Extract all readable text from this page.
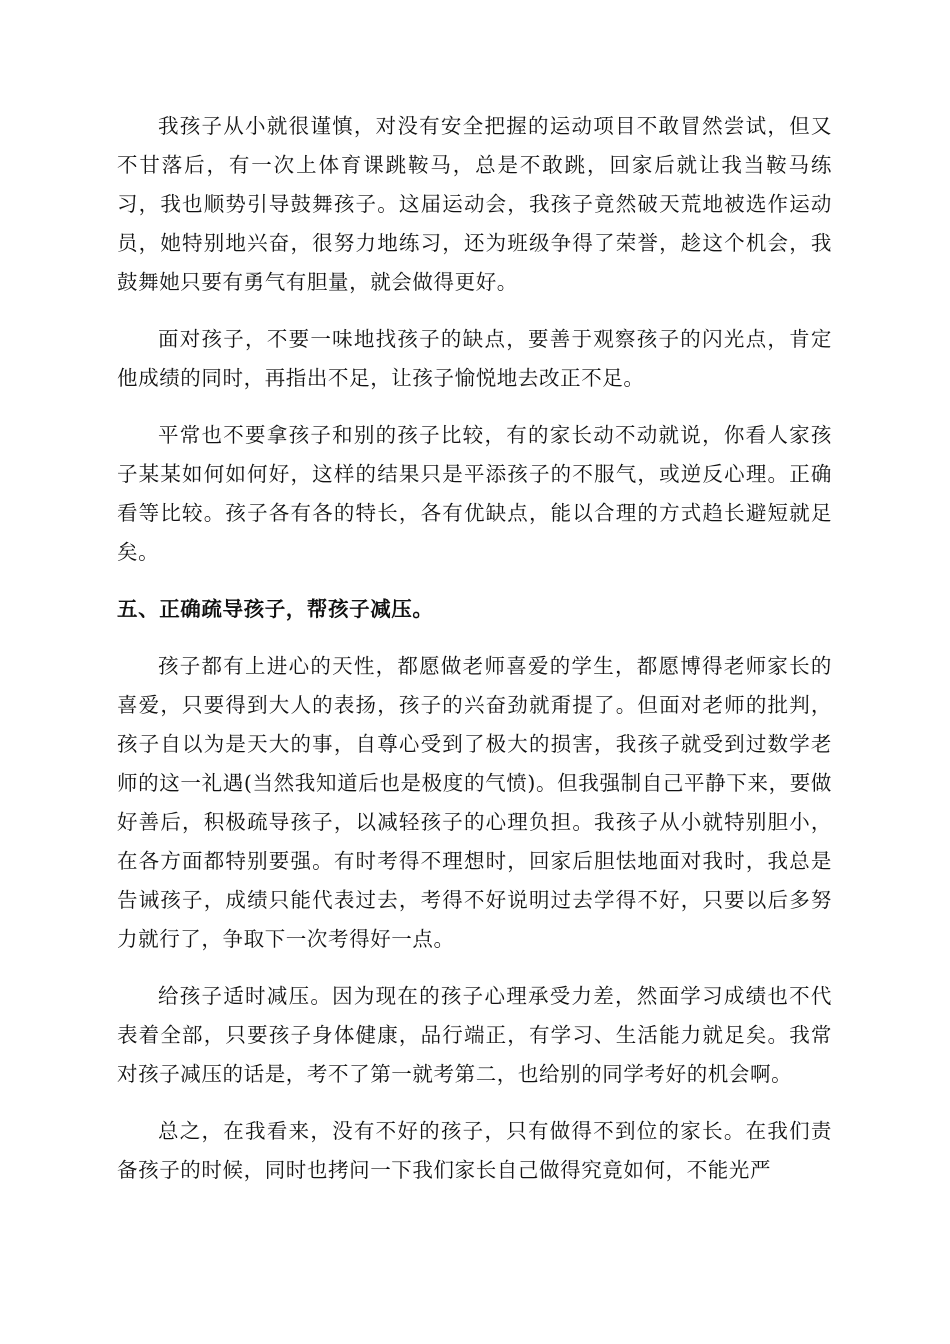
我孩子从小就很谨慎，对没有安全把握的运动项目不敢冒然尝试，但又不甘落后，有一次上体育课跳鞍马，总是不敢跳，回家后就让我当鞍马练习，我也顺势引导鼓舞孩子。这届运动会，我孩子竟然破天荒地被选作运动员，她特别地兴奋，很努力地练习，还为班级争得了荣誉，趁这个机会，我鼓舞她只要有勇气有胆量，就会做得更好。

面对孩子，不要一味地找孩子的缺点，要善于观察孩子的闪光点，肯定他成绩的同时，再指出不足，让孩子愉悦地去改正不足。

平常也不要拿孩子和别的孩子比较，有的家长动不动就说，你看人家孩子某某如何如何好，这样的结果只是平添孩子的不服气，或逆反心理。正确看等比较。孩子各有各的特长，各有优缺点，能以合理的方式趋长避短就足矣。

五、正确疏导孩子，帮孩子减压。

孩子都有上进心的天性，都愿做老师喜爱的学生，都愿博得老师家长的喜爱，只要得到大人的表扬，孩子的兴奋劲就甭提了。但面对老师的批判，孩子自以为是天大的事，自尊心受到了极大的损害，我孩子就受到过数学老师的这一礼遇(当然我知道后也是极度的气愤)。但我强制自己平静下来，要做好善后，积极疏导孩子，以减轻孩子的心理负担。我孩子从小就特别胆小，在各方面都特别要强。有时考得不理想时，回家后胆怯地面对我时，我总是告诫孩子，成绩只能代表过去，考得不好说明过去学得不好，只要以后多努力就行了，争取下一次考得好一点。

给孩子适时减压。因为现在的孩子心理承受力差，然面学习成绩也不代表着全部，只要孩子身体健康，品行端正，有学习、生活能力就足矣。我常对孩子减压的话是，考不了第一就考第二，也给别的同学考好的机会啊。

总之，在我看来，没有不好的孩子，只有做得不到位的家长。在我们责备孩子的时候，同时也拷问一下我们家长自己做得究竟如何，不能光严
